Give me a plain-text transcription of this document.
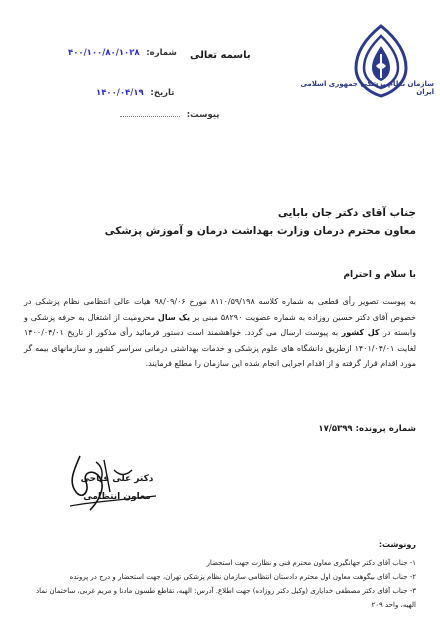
سازمان نظام پزشکی جمهوری اسلامی ایران
باسمه تعالی
شماره: ۴۰۰/۱۰۰/۸۰/۱۰۲۸
تاریخ: ۱۴۰۰/۰۴/۱۹
پیوست:
جناب آقای دکتر جان بابایی
معاون محترم درمان وزارت بهداشت درمان و آموزش پزشکی
با سلام و احترام
به پیوست تصویر رأی قطعی به شماره کلاسه ۸۱۱۰/۵۹/۱۹۸ مورخ ۹۸/۰۹/۰۶ هیات عالی انتظامی نظام پزشکی در خصوص آقای دکتر حسین روزاده به شماره عضویت ۵۸۲۹۰ مبنی بر یک سال محرومیت از اشتغال به حرفه پزشکی و وابسته در کل کشور به پیوست ارسال می گردد. خواهشمند است دستور فرمائید رأی مذکور از تاریخ ۱۴۰۰/۰۴/۰۱ لغایت ۱۴۰۱/۰۴/۰۱ ازطریق دانشگاه های علوم پزشکی و خدمات بهداشتی درمانی سراسر کشور و سازمانهای بیمه گر مورد اقدام قرار گرفته و از اقدام اجرایی انجام شده این سازمان را مطلع فرمایند.
شماره پرونده: ۱۷/۵۳۹۹
دکتر علی فتاحی
معاون انتظامی
رونوشت:
۱- جناب آقای دکتر جهانگیری معاون محترم فنی و نظارت جهت استحضار
۲- جناب آقای بیگوهت معاون اول محترم دادستان انتظامی سازمان نظام پزشکی تهران، جهت استحضار و درج در پرونده
۳- جناب آقای دکتر مصطفی خدایاری (وکیل دکتر روزاده) جهت اطلاع. آدرس: الهیه، تقاطع طسون مادنا و مریم غربی، ساختمان نماد الهیه، واحد ۲۰۹
